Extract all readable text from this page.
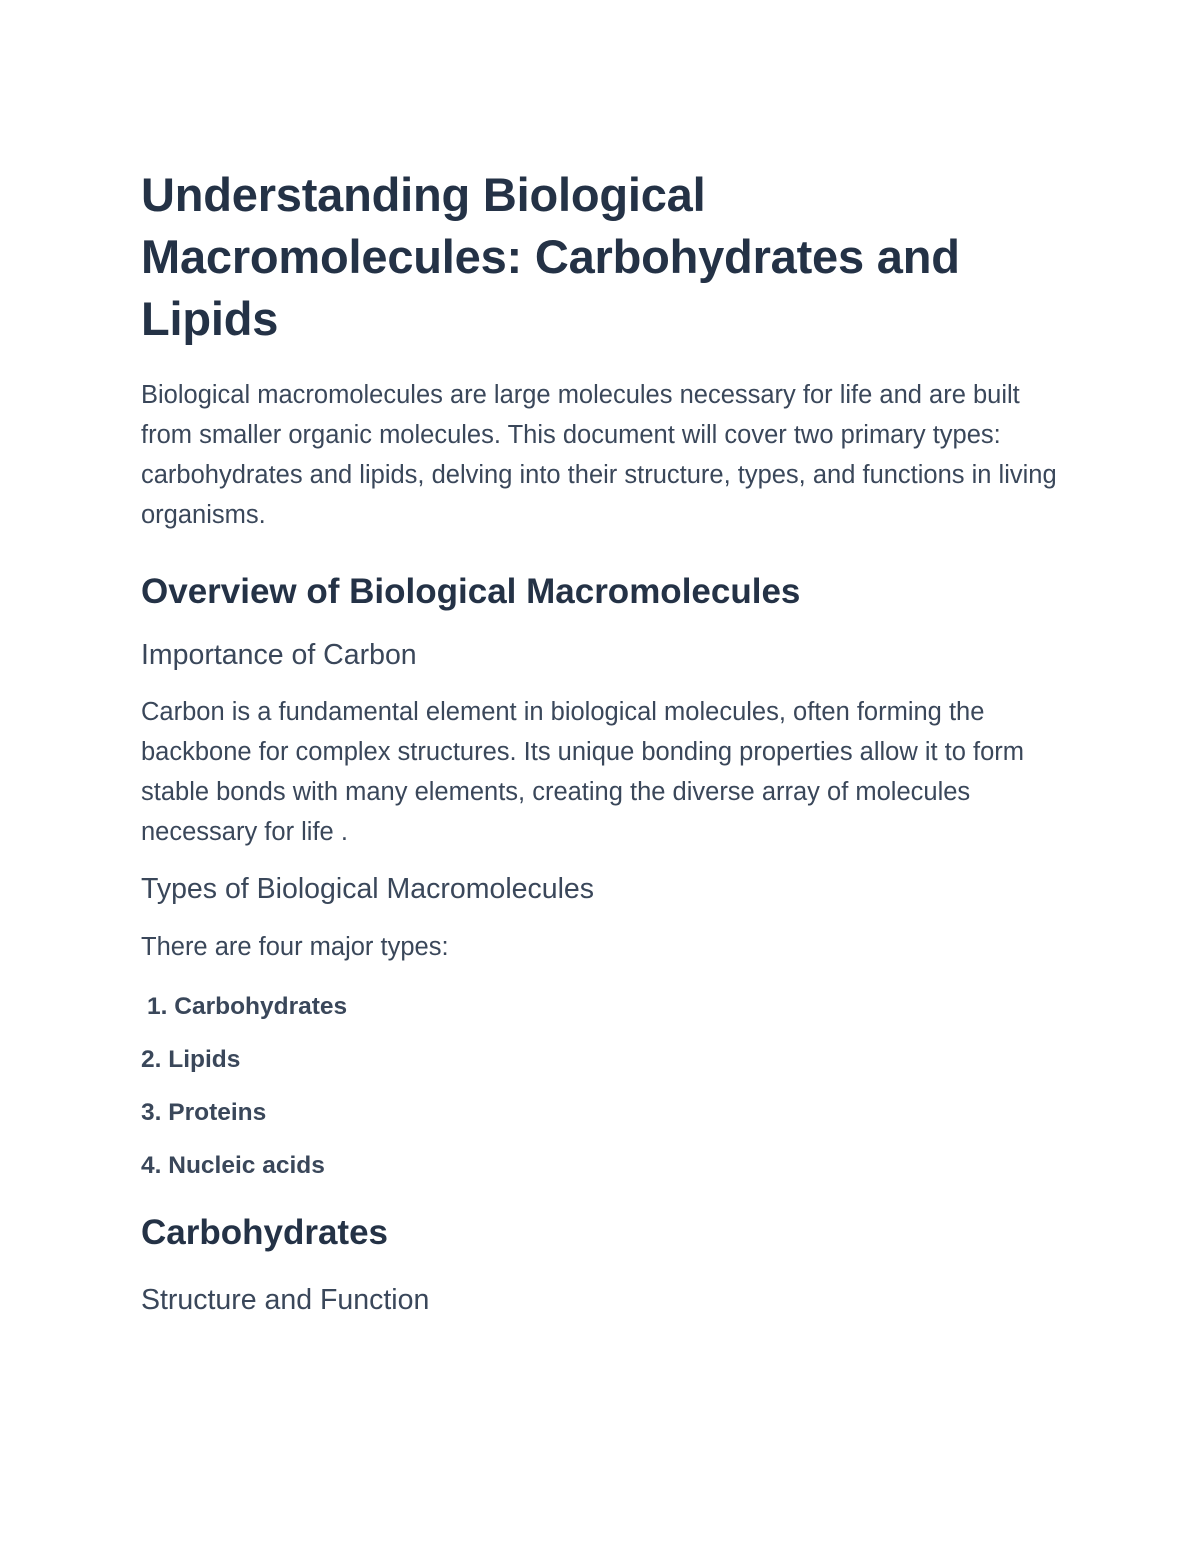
Understanding Biological Macromolecules: Carbohydrates and Lipids

Biological macromolecules are large molecules necessary for life and are built from smaller organic molecules. This document will cover two primary types: carbohydrates and lipids, delving into their structure, types, and functions in living organisms.

Overview of Biological Macromolecules
Importance of Carbon

Carbon is a fundamental element in biological molecules, often forming the backbone for complex structures. Its unique bonding properties allow it to form stable bonds with many elements, creating the diverse array of molecules necessary for life .

Types of Biological Macromolecules

There are four major types:

1. Carbohydrates
2. Lipids
3. Proteins
4. Nucleic acids
Carbohydrates
Structure and Function
